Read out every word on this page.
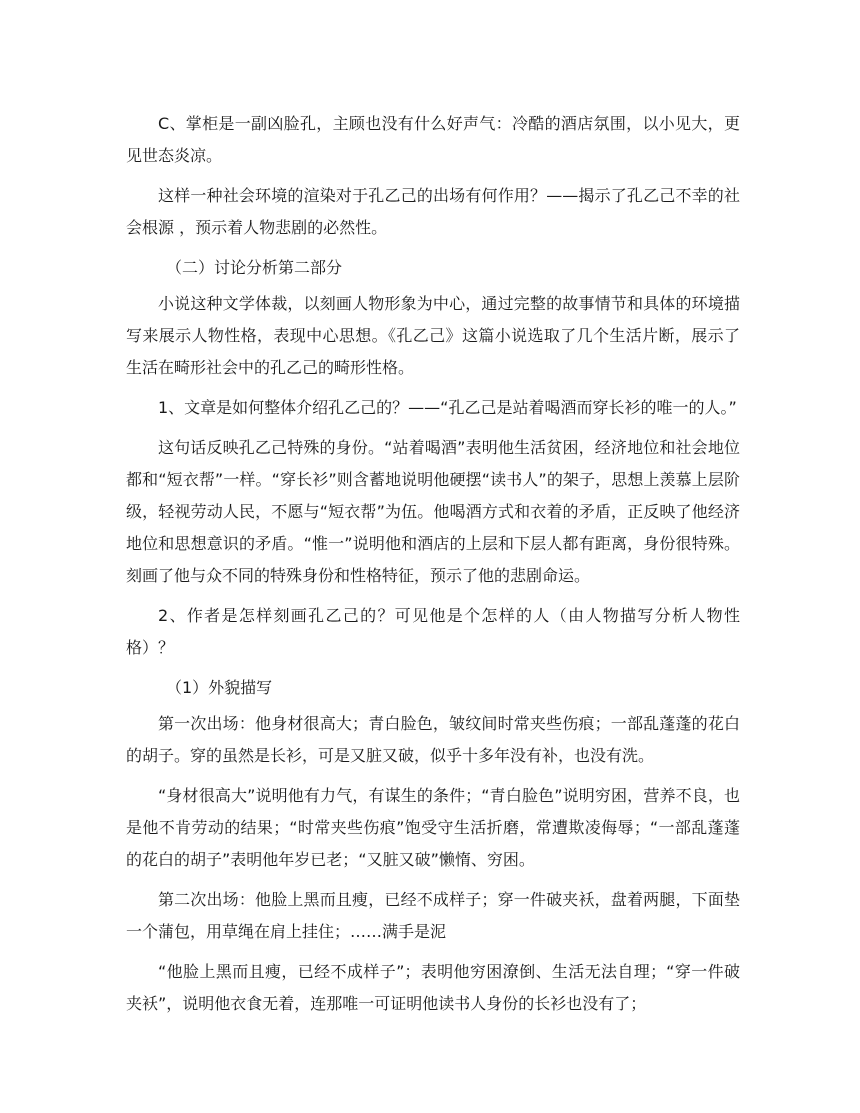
C、掌柜是一副凶脸孔，主顾也没有什么好声气：冷酷的酒店氛围，以小见大，更见世态炎凉。

这样一种社会环境的渲染对于孔乙己的出场有何作用？——揭示了孔乙己不幸的社会根源 ，预示着人物悲剧的必然性。

（二）讨论分析第二部分

小说这种文学体裁，以刻画人物形象为中心，通过完整的故事情节和具体的环境描写来展示人物性格，表现中心思想。《孔乙己》这篇小说选取了几个生活片断，展示了生活在畸形社会中的孔乙己的畸形性格。

1、文章是如何整体介绍孔乙己的？——“孔乙己是站着喝酒而穿长衫的唯一的人。”

这句话反映孔乙己特殊的身份。“站着喝酒”表明他生活贫困，经济地位和社会地位都和“短衣帮”一样。“穿长衫”则含蓄地说明他硬摆“读书人”的架子，思想上羡慕上层阶级，轻视劳动人民，不愿与“短衣帮”为伍。他喝酒方式和衣着的矛盾，正反映了他经济地位和思想意识的矛盾。“惟一”说明他和酒店的上层和下层人都有距离，身份很特殊。刻画了他与众不同的特殊身份和性格特征，预示了他的悲剧命运。

2、作者是怎样刻画孔乙己的？可见他是个怎样的人（由人物描写分析人物性格）？

（1）外貌描写

第一次出场：他身材很高大；青白脸色，皱纹间时常夹些伤痕；一部乱蓬蓬的花白的胡子。穿的虽然是长衫，可是又脏又破，似乎十多年没有补，也没有洗。

“身材很高大”说明他有力气，有谋生的条件；“青白脸色”说明穷困，营养不良，也是他不肯劳动的结果；“时常夹些伤痕”饱受守生活折磨，常遭欺凌侮辱；“一部乱蓬蓬的花白的胡子”表明他年岁已老；“又脏又破”懒惰、穷困。

第二次出场：他脸上黑而且瘦，已经不成样子；穿一件破夹袄，盘着两腿，下面垫一个蒲包，用草绳在肩上挂住；……满手是泥

“他脸上黑而且瘦，已经不成样子”；表明他穷困潦倒、生活无法自理；“穿一件破夹袄”，说明他衣食无着，连那唯一可证明他读书人身份的长衫也没有了；
